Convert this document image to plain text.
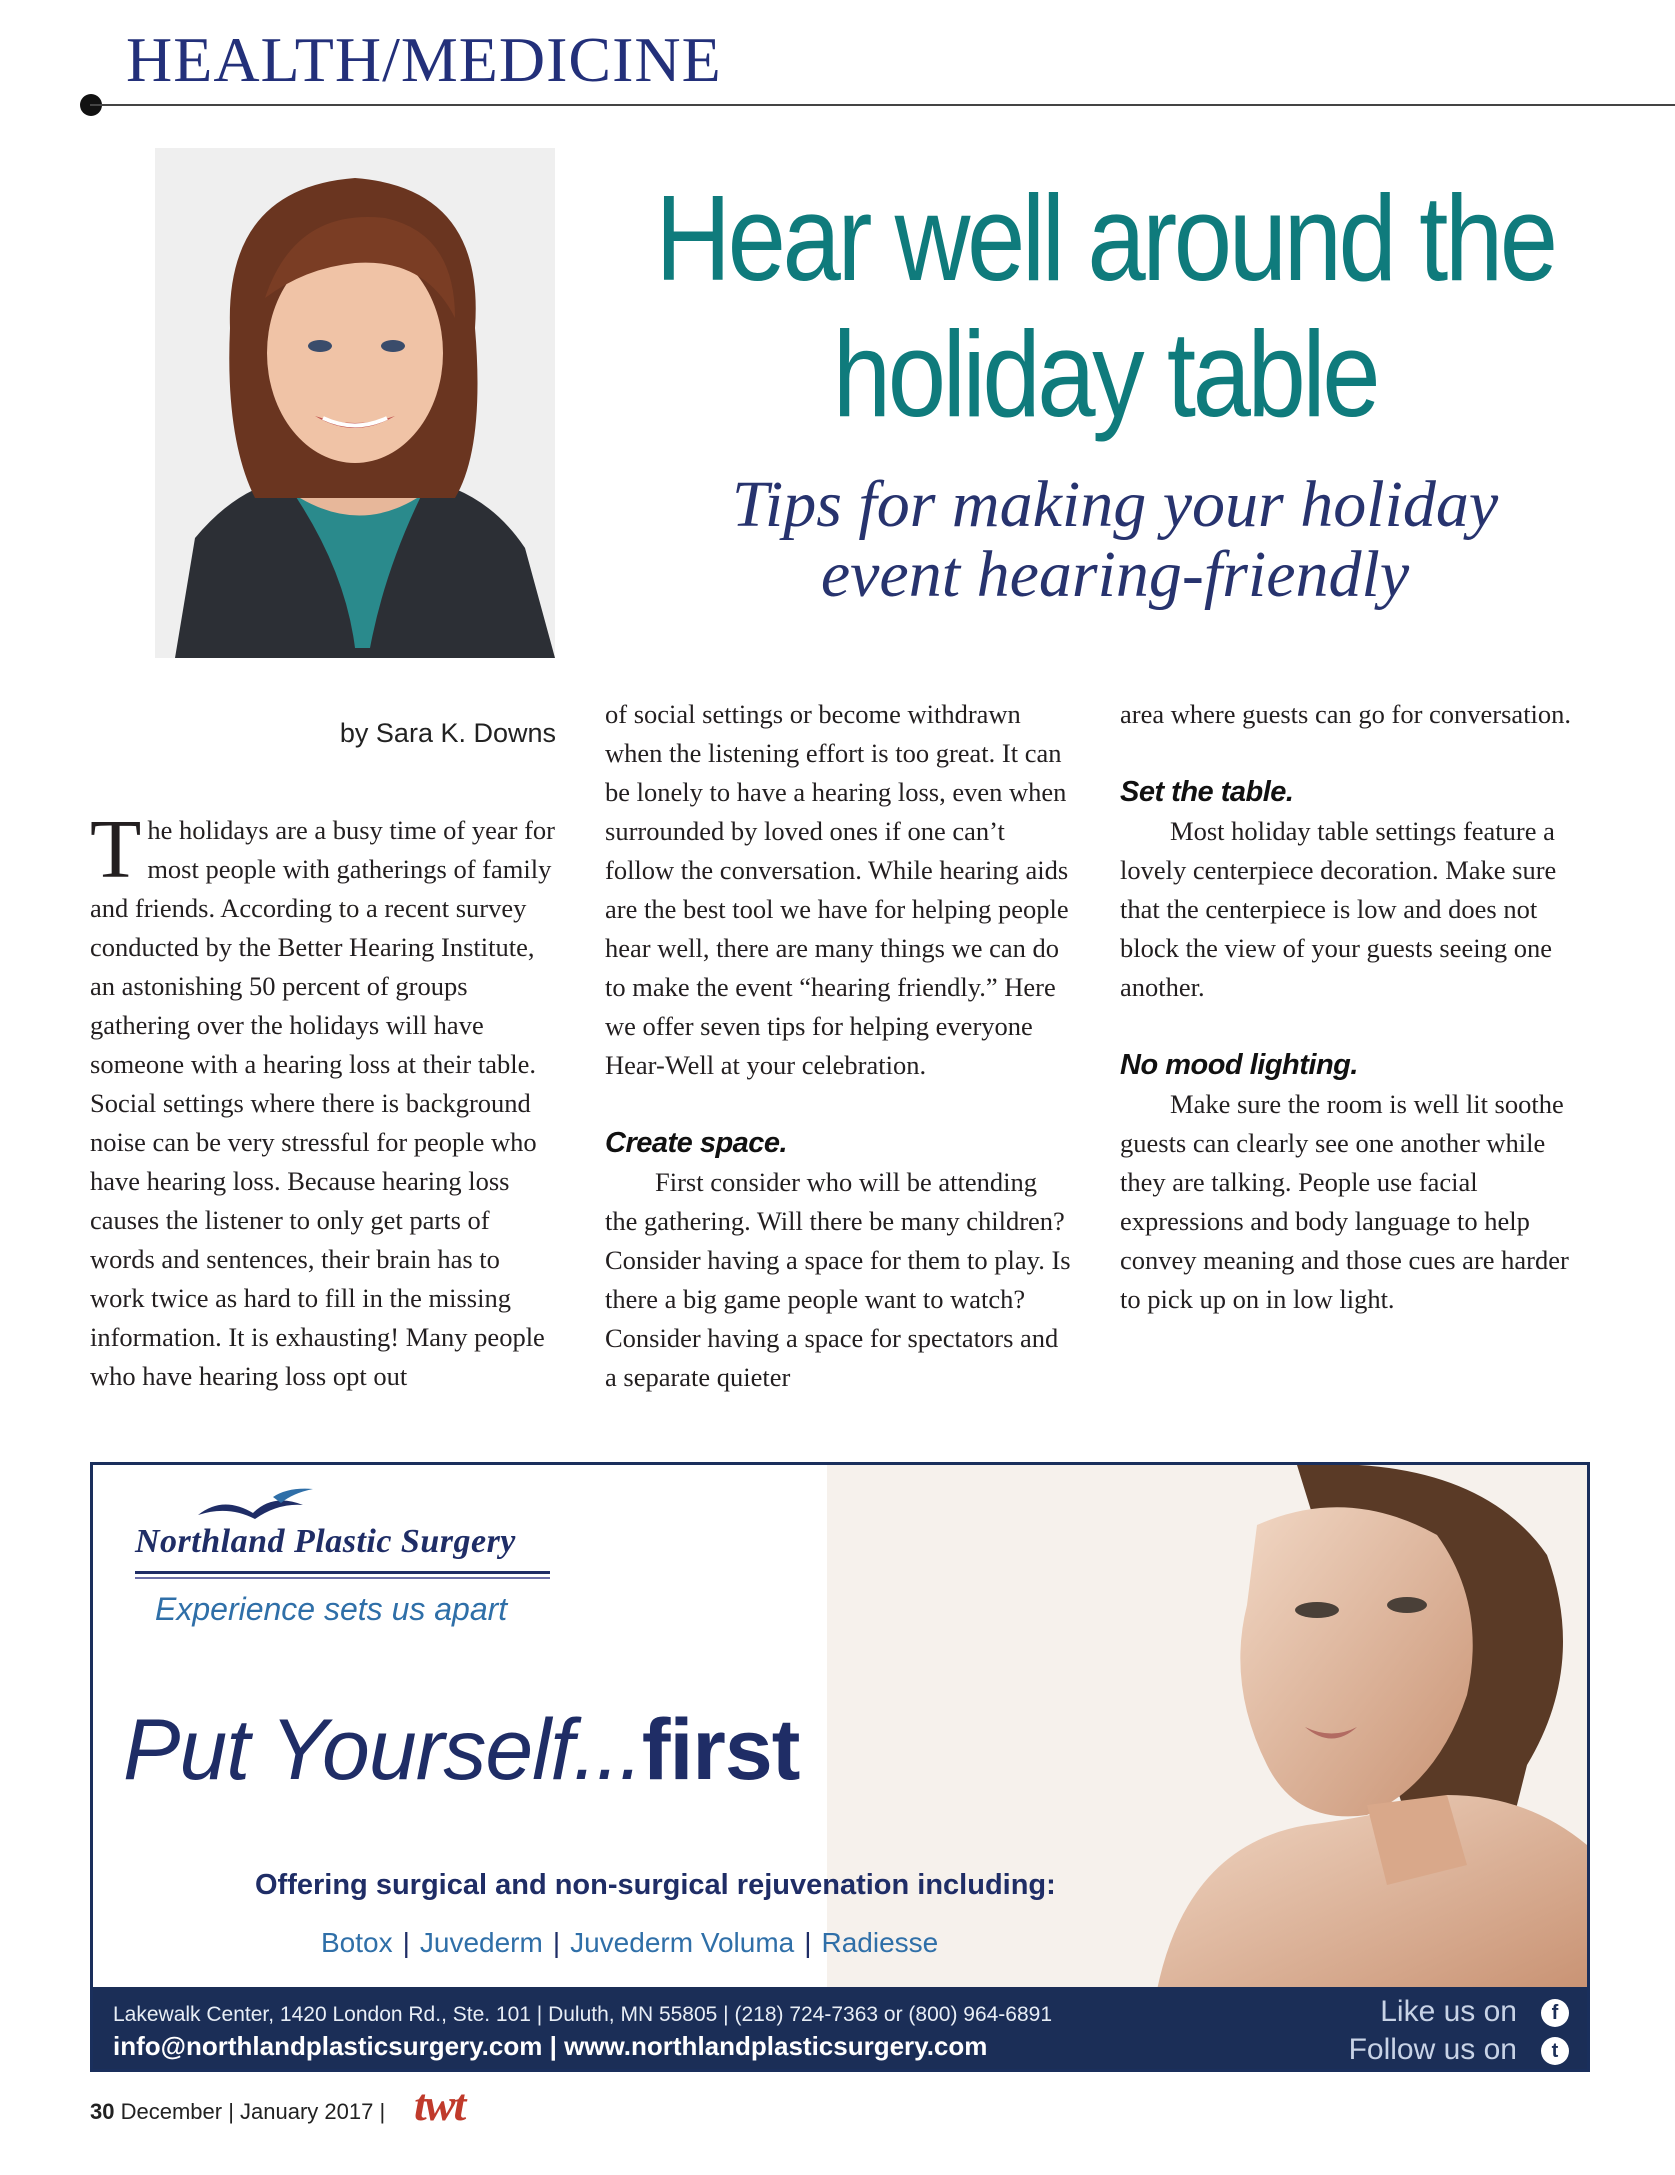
HEALTH/MEDICINE
Hear well around the
holiday table
Tips for making your holiday
event hearing-friendly
by Sara K. Downs

The holidays are a busy time of year for most people with gatherings of family and friends. According to a recent survey conducted by the Better Hearing Institute, an astonishing 50 percent of groups gathering over the holidays will have someone with a hearing loss at their table. Social settings where there is background noise can be very stressful for people who have hearing loss. Because hearing loss causes the listener to only get parts of words and sentences, their brain has to work twice as hard to fill in the missing information. It is exhausting! Many people who have hearing loss opt out

of social settings or become withdrawn when the listening effort is too great. It can be lonely to have a hearing loss, even when surrounded by loved ones if one can’t follow the conversation. While hearing aids are the best tool we have for helping people hear well, there are many things we can do to make the event “hearing friendly.” Here we offer seven tips for helping everyone Hear-Well at your celebration.

Create space.

First consider who will be attending the gathering. Will there be many children? Consider having a space for them to play. Is there a big game people want to watch? Consider having a space for spectators and a separate quieter

area where guests can go for conversation.

Set the table.

Most holiday table settings feature a lovely centerpiece decoration. Make sure that the centerpiece is low and does not block the view of your guests seeing one another.

No mood lighting.

Make sure the room is well lit soothe guests can clearly see one another while they are talking. People use facial expressions and body language to help convey meaning and those cues are harder to pick up on in low light.

Northland Plastic Surgery
Experience sets us apart
Put Yourself...first
Offering surgical and non-surgical rejuvenation including:
Botox | Juvederm | Juvederm Voluma | Radiesse
Lakewalk Center, 1420 London Rd., Ste. 101 | Duluth, MN 55805 | (218) 724-7363 or (800) 964-6891
info@northlandplasticsurgery.com | www.northlandplasticsurgery.com
Like us on	f
Follow us on	t
30 December | January 2017 | twt
